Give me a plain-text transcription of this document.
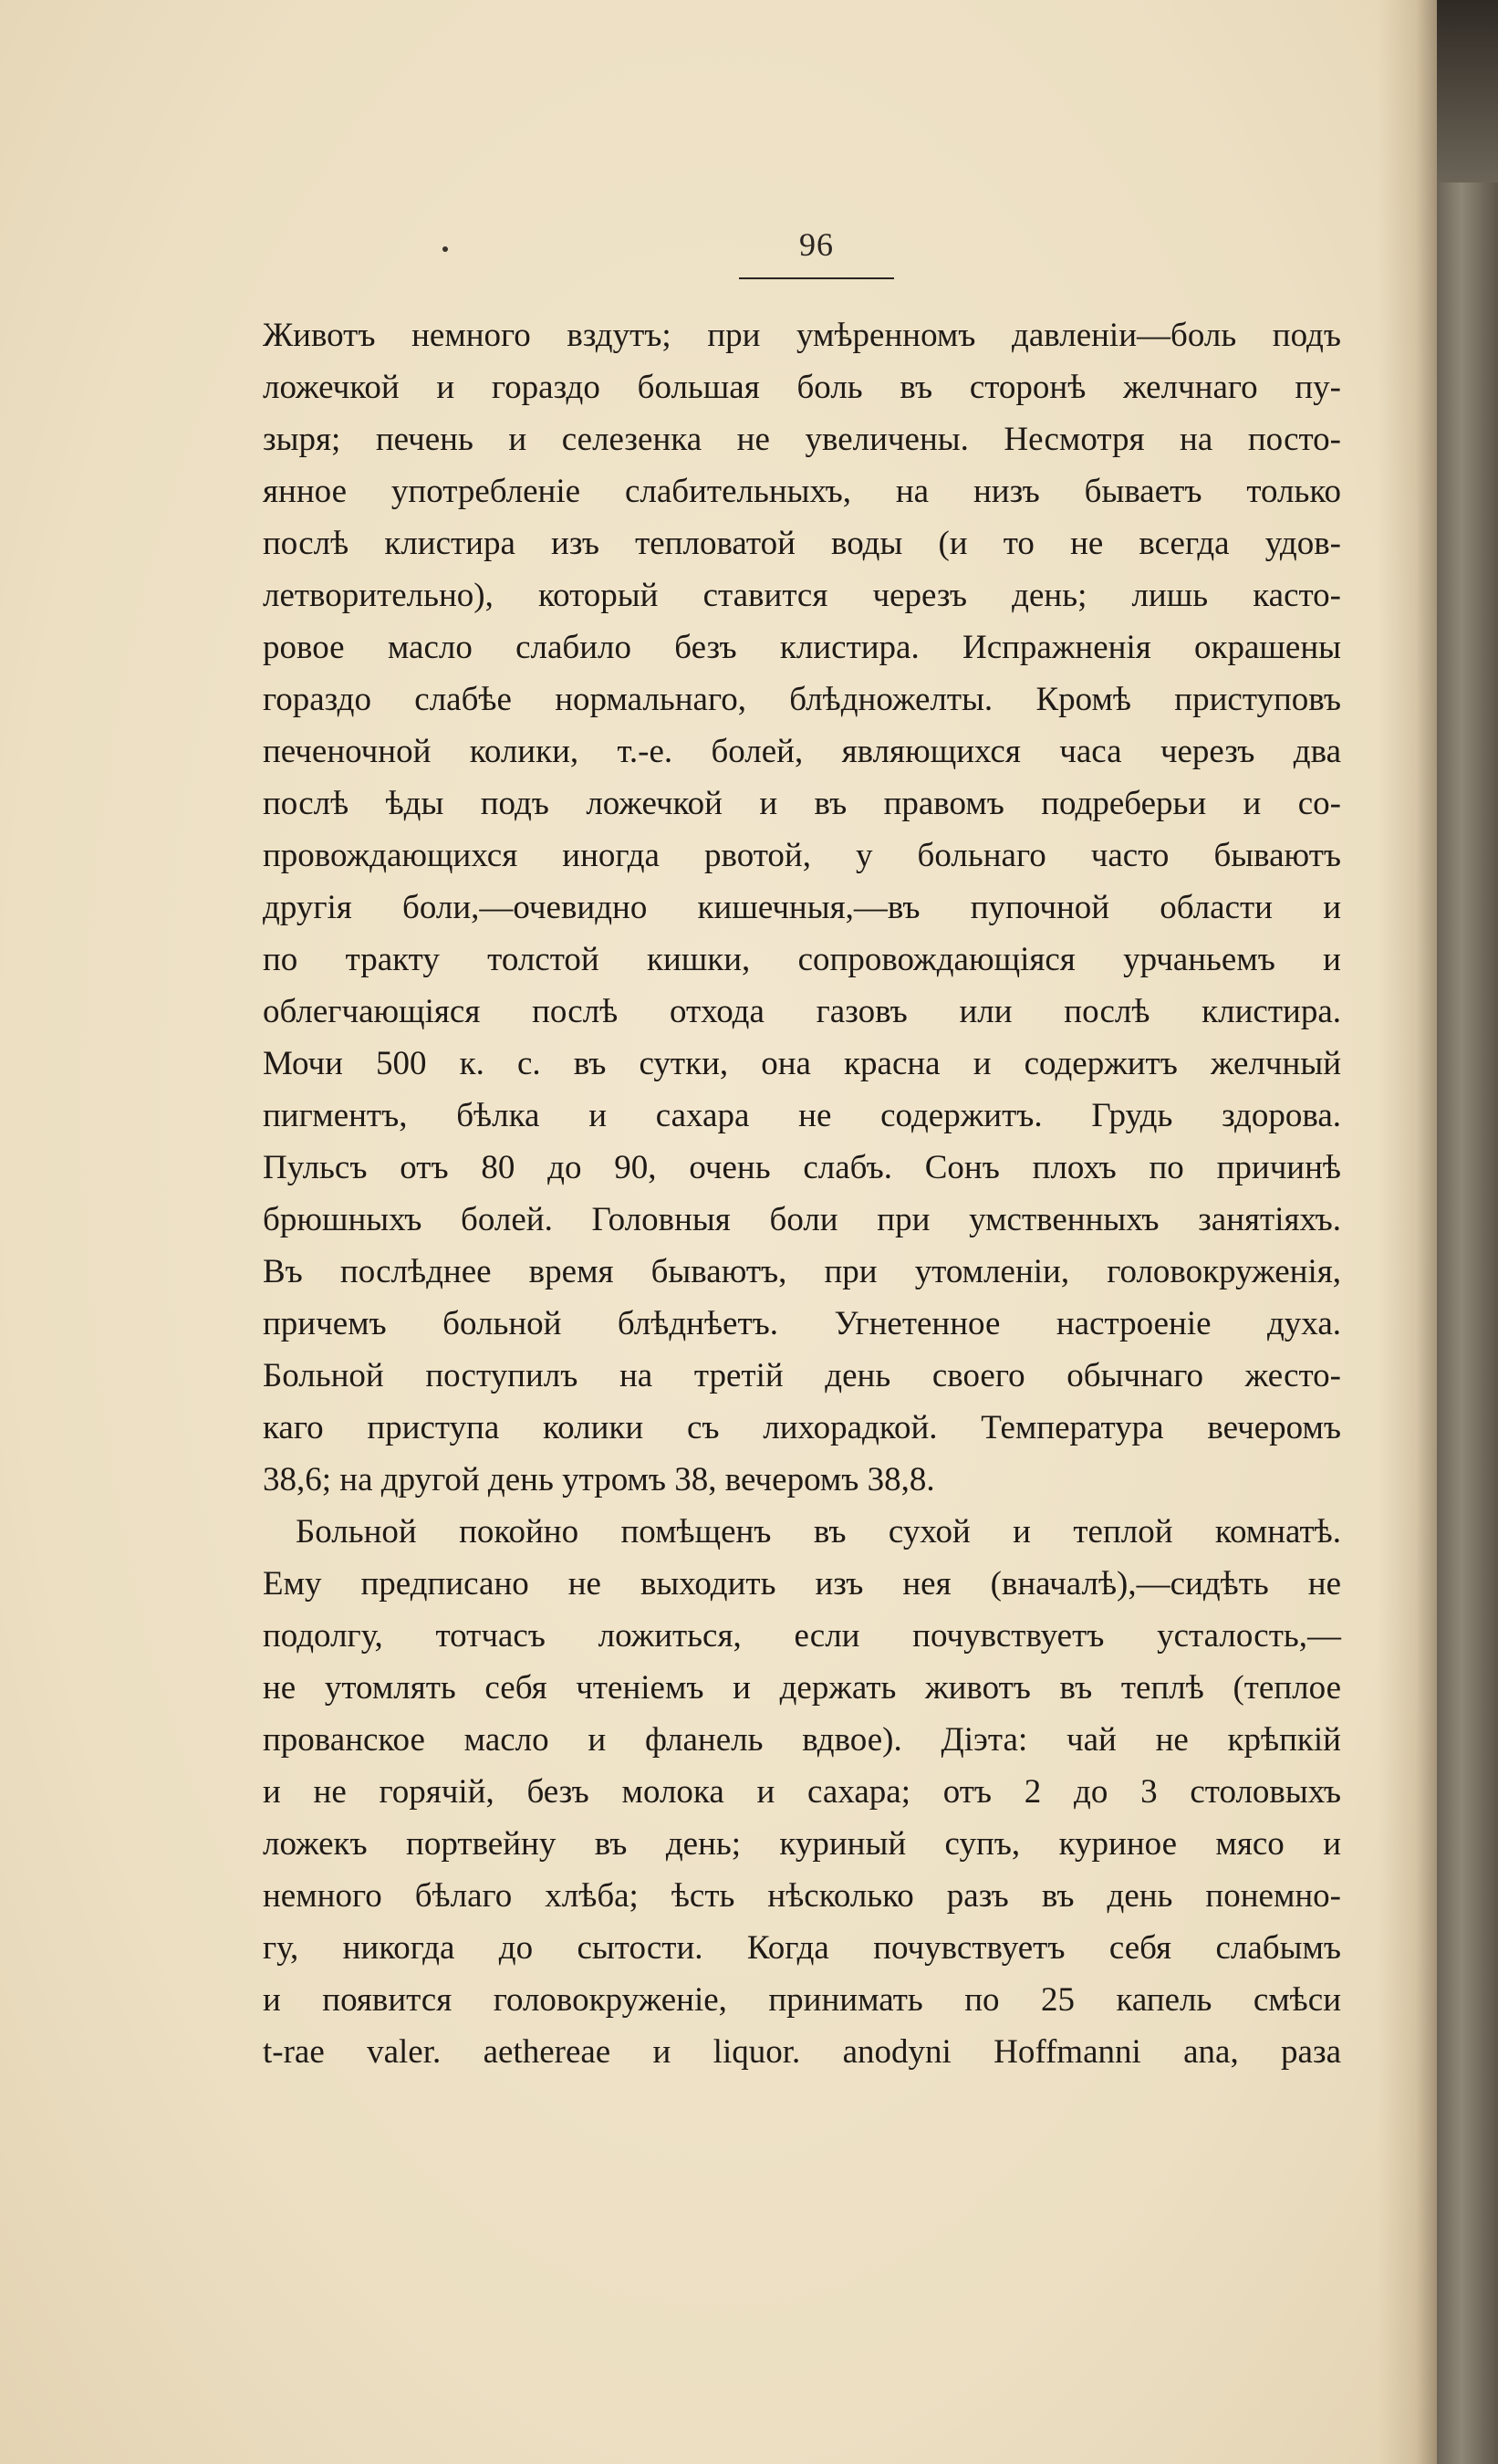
96
Животъ немного вздутъ; при умѣренномъ давленіи—боль подъ
ложечкой и гораздо большая боль въ сторонѣ желчнаго пу-
зыря; печень и селезенка не увеличены. Несмотря на посто-
янное употребленіе слабительныхъ, на низъ бываетъ только
послѣ клистира изъ тепловатой воды (и то не всегда удов-
летворительно), который ставится черезъ день; лишь касто-
ровое масло слабило безъ клистира. Испражненія окрашены
гораздо слабѣе нормальнаго, блѣдножелты. Кромѣ приступовъ
печеночной колики, т.-е. болей, являющихся часа черезъ два
послѣ ѣды подъ ложечкой и въ правомъ подреберьи и со-
провождающихся иногда рвотой, у больнаго часто бываютъ
другія боли,—очевидно кишечныя,—въ пупочной области и
по тракту толстой кишки, сопровождающіяся урчаньемъ и
облегчающіяся послѣ отхода газовъ или послѣ клистира.
Мочи 500 к. с. въ сутки, она красна и содержитъ желчный
пигментъ, бѣлка и сахара не содержитъ. Грудь здорова.
Пульсъ отъ 80 до 90, очень слабъ. Сонъ плохъ по причинѣ
брюшныхъ болей. Головныя боли при умственныхъ занятіяхъ.
Въ послѣднее время бываютъ, при утомленіи, головокруженія,
причемъ больной блѣднѣетъ. Угнетенное настроеніе духа.
Больной поступилъ на третій день своего обычнаго жесто-
каго приступа колики съ лихорадкой. Температура вечеромъ
38,6; на другой день утромъ 38, вечеромъ 38,8.
Больной покойно помѣщенъ въ сухой и теплой комнатѣ.
Ему предписано не выходить изъ нея (вначалѣ),—сидѣть не
подолгу, тотчасъ ложиться, если почувствуетъ усталость,—
не утомлять себя чтеніемъ и держать животъ въ теплѣ (теплое
прованское масло и фланель вдвое). Діэта: чай не крѣпкій
и не горячій, безъ молока и сахара; отъ 2 до 3 столовыхъ
ложекъ портвейну въ день; куриный супъ, куриное мясо и
немного бѣлаго хлѣба; ѣсть нѣсколько разъ въ день понемно-
гу, никогда до сытости. Когда почувствуетъ себя слабымъ
и появится головокруженіе, принимать по 25 капель смѣси
t-rae valer. aethereae и liquor. anodyni Hoffmanni ana, раза
